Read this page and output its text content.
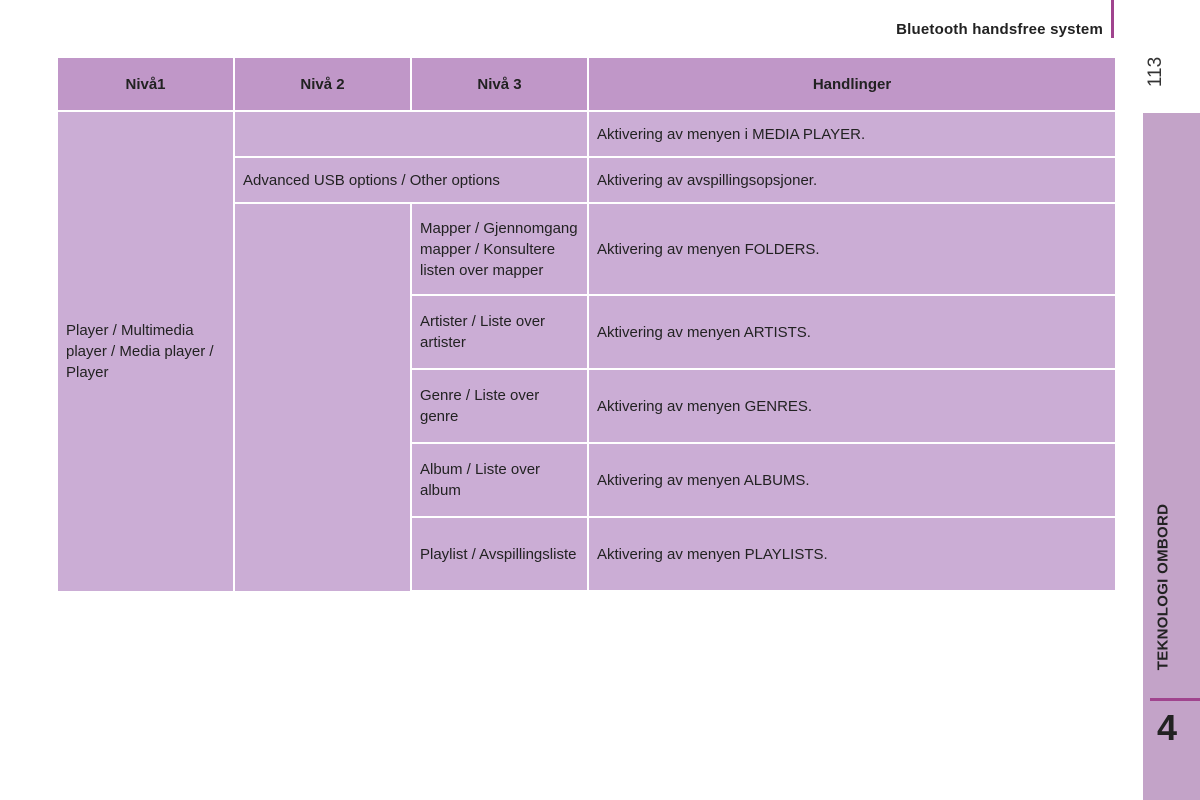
Bluetooth handsfree system
113
TEKNOLOGI OMBORD
4
Nivå1	Nivå 2	Nivå 3	Handlinger
Player / Multimedia player / Media player / Player			Aktivering av menyen i MEDIA PLAYER.
	Advanced USB options / Other options		Aktivering av avspillingsopsjoner.
		Mapper / Gjennomgang mapper / Konsultere listen over mapper	Aktivering av menyen FOLDERS.
		Artister / Liste over artister	Aktivering av menyen ARTISTS.
		Genre / Liste over genre	Aktivering av menyen GENRES.
		Album / Liste over album	Aktivering av menyen ALBUMS.
		Playlist / Avspillingsliste	Aktivering av menyen PLAYLISTS.
